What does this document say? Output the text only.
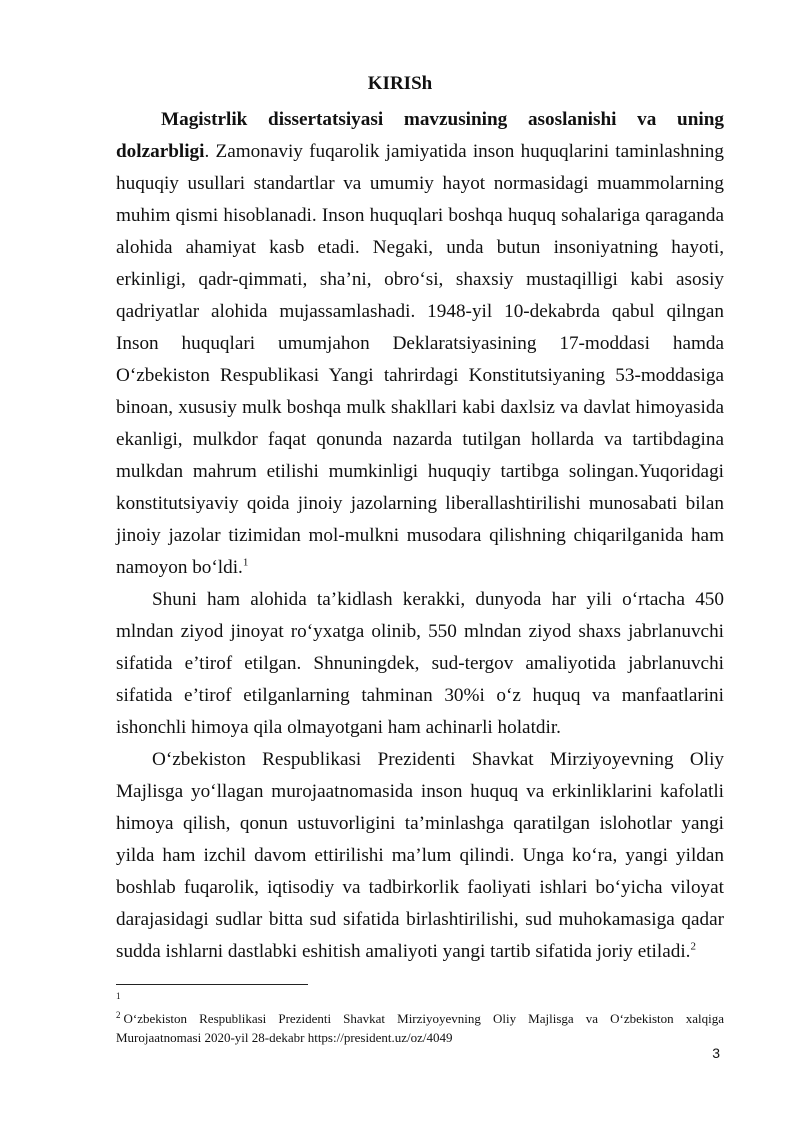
KIRISh

Magistrlik dissertatsiyasi mavzusining asoslanishi va uning dolzarbligi. Zamonaviy fuqarolik jamiyatida inson huquqlarini taminlashning huquqiy usullari standartlar va umumiy hayot normasidagi muammolarning muhim qismi hisoblanadi. Inson huquqlari boshqa huquq sohalariga qaraganda alohida ahamiyat kasb etadi. Negaki, unda butun insoniyatning hayoti, erkinligi, qadr-qimmati, sha’ni, obro‘si, shaxsiy mustaqilligi kabi asosiy qadriyatlar alohida mujassamlashadi. 1948-yil 10-dekabrda qabul qilngan Inson huquqlari umumjahon Deklaratsiyasining 17-moddasi hamda O‘zbekiston Respublikasi Yangi tahrirdagi Konstitutsiyaning 53-moddasiga binoan, xususiy mulk boshqa mulk shakllari kabi daxlsiz va davlat himoyasida ekanligi, mulkdor faqat qonunda nazarda tutilgan hollarda va tartibdagina mulkdan mahrum etilishi mumkinligi huquqiy tartibga solingan.Yuqoridagi konstitutsiyaviy qoida jinoiy jazolarning liberallashtirilishi munosabati bilan jinoiy jazolar tizimidan mol-mulkni musodara qilishning chiqarilganida ham namoyon bo‘ldi.$^1$

Shuni ham alohida ta’kidlash kerakki, dunyoda har yili o‘rtacha 450 mlndan ziyod jinoyat ro‘yxatga olinib, 550 mlndan ziyod shaxs jabrlanuvchi sifatida e’tirof etilgan. Shnuningdek, sud-tergov amaliyotida jabrlanuvchi sifatida e’tirof etilganlarning tahminan 30%i o‘z huquq va manfaatlarini ishonchli himoya qila olmayotgani ham achinarli holatdir.

O‘zbekiston Respublikasi Prezidenti Shavkat Mirziyoyevning Oliy Majlisga yo‘llagan murojaatnomasida inson huquq va erkinliklarini kafolatli himoya qilish, qonun ustuvorligini ta’minlashga qaratilgan islohotlar yangi yilda ham izchil davom ettirilishi ma’lum qilindi. Unga ko‘ra, yangi yildan boshlab fuqarolik, iqtisodiy va tadbirkorlik faoliyati ishlari bo‘yicha viloyat darajasidagi sudlar bitta sud sifatida birlashtirilishi, sud muhokamasiga qadar sudda ishlarni dastlabki eshitish amaliyoti yangi tartib sifatida joriy etiladi.$^2$

$^1$
$^2$ O‘zbekiston Respublikasi Prezidenti Shavkat Mirziyoyevning Oliy Majlisga va O‘zbekiston xalqiga Murojaatnomasi 2020-yil 28-dekabr https://president.uz/oz/4049
3
